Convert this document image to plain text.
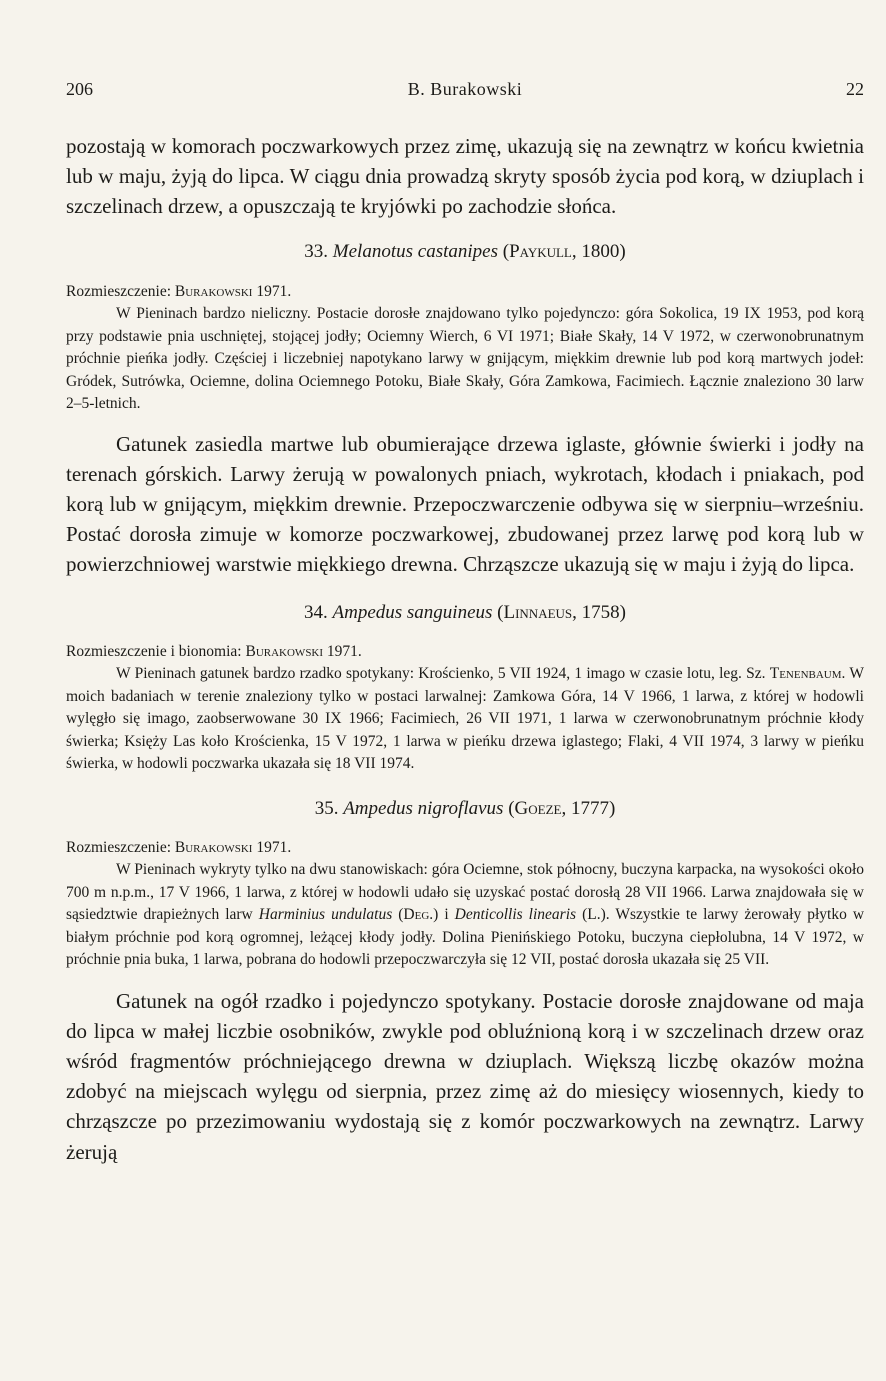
206	B. Burakowski	22

pozostają w komorach poczwarkowych przez zimę, ukazują się na zewnątrz w końcu kwietnia lub w maju, żyją do lipca. W ciągu dnia prowadzą skryty sposób życia pod korą, w dziuplach i szczelinach drzew, a opuszczają te kryjówki po zachodzie słońca.

33. Melanotus castanipes (Paykull, 1800)

Rozmieszczenie: Burakowski 1971.

W Pieninach bardzo nieliczny. Postacie dorosłe znajdowano tylko pojedynczo: góra Sokolica, 19 IX 1953, pod korą przy podstawie pnia uschniętej, stojącej jodły; Ociemny Wierch, 6 VI 1971; Białe Skały, 14 V 1972, w czerwonobrunatnym próchnie pieńka jodły. Częściej i liczebniej napotykano larwy w gnijącym, miękkim drewnie lub pod korą martwych jodeł: Gródek, Sutrówka, Ociemne, dolina Ociemnego Potoku, Białe Skały, Góra Zamkowa, Facimiech. Łącznie znaleziono 30 larw 2–5-letnich.

Gatunek zasiedla martwe lub obumierające drzewa iglaste, głównie świerki i jodły na terenach górskich. Larwy żerują w powalonych pniach, wykrotach, kłodach i pniakach, pod korą lub w gnijącym, miękkim drewnie. Przepoczwarczenie odbywa się w sierpniu–wrześniu. Postać dorosła zimuje w komorze poczwarkowej, zbudowanej przez larwę pod korą lub w powierzchniowej warstwie miękkiego drewna. Chrząszcze ukazują się w maju i żyją do lipca.

34. Ampedus sanguineus (Linnaeus, 1758)

Rozmieszczenie i bionomia: Burakowski 1971.

W Pieninach gatunek bardzo rzadko spotykany: Krościenko, 5 VII 1924, 1 imago w czasie lotu, leg. Sz. Tenenbaum. W moich badaniach w terenie znaleziony tylko w postaci larwalnej: Zamkowa Góra, 14 V 1966, 1 larwa, z której w hodowli wylęgło się imago, zaobserwowane 30 IX 1966; Facimiech, 26 VII 1971, 1 larwa w czerwonobrunatnym próchnie kłody świerka; Księży Las koło Krościenka, 15 V 1972, 1 larwa w pieńku drzewa iglastego; Flaki, 4 VII 1974, 3 larwy w pieńku świerka, w hodowli poczwarka ukazała się 18 VII 1974.

35. Ampedus nigroflavus (Goeze, 1777)

Rozmieszczenie: Burakowski 1971.

W Pieninach wykryty tylko na dwu stanowiskach: góra Ociemne, stok północny, buczyna karpacka, na wysokości około 700 m n.p.m., 17 V 1966, 1 larwa, z której w hodowli udało się uzyskać postać dorosłą 28 VII 1966. Larwa znajdowała się w sąsiedztwie drapieżnych larw Harminius undulatus (Deg.) i Denticollis linearis (L.). Wszystkie te larwy żerowały płytko w białym próchnie pod korą ogromnej, leżącej kłody jodły. Dolina Pienińskiego Potoku, buczyna ciepłolubna, 14 V 1972, w próchnie pnia buka, 1 larwa, pobrana do hodowli przepoczwarczyła się 12 VII, postać dorosła ukazała się 25 VII.

Gatunek na ogół rzadko i pojedynczo spotykany. Postacie dorosłe znajdowane od maja do lipca w małej liczbie osobników, zwykle pod obluźnioną korą i w szczelinach drzew oraz wśród fragmentów próchniejącego drewna w dziuplach. Większą liczbę okazów można zdobyć na miejscach wylęgu od sierpnia, przez zimę aż do miesięcy wiosennych, kiedy to chrząszcze po przezimowaniu wydostają się z komór poczwarkowych na zewnątrz. Larwy żerują
